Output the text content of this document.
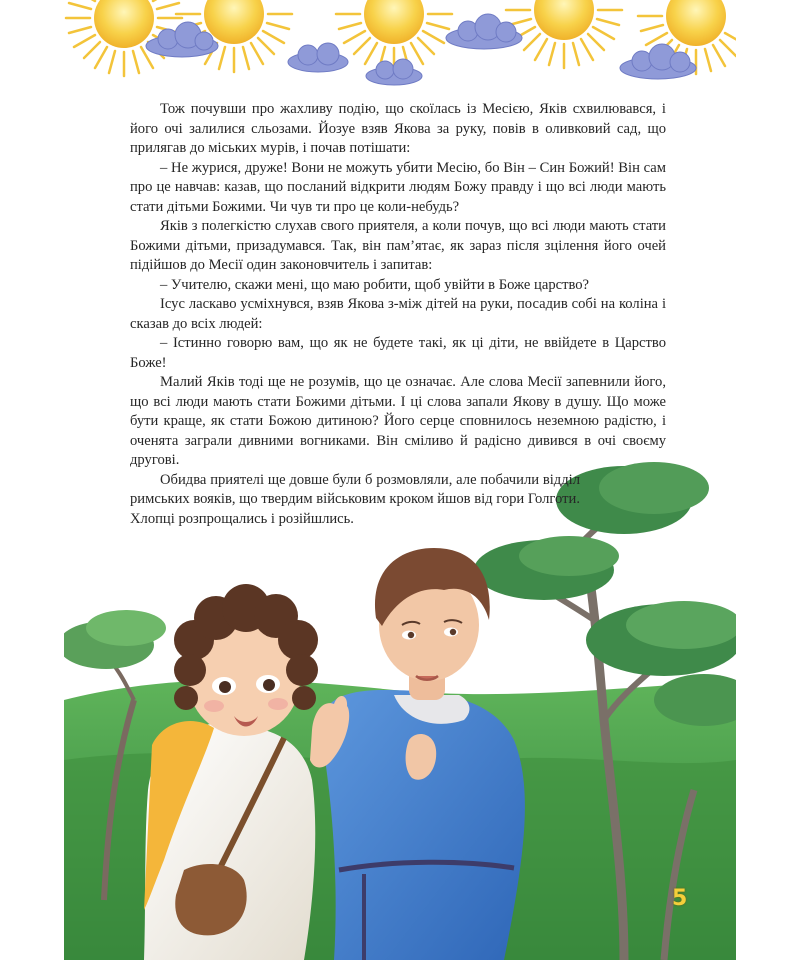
Тож почувши про жахливу подію, що скоїлась із Месією, Яків схвилювався, і його очі залилися сльозами. Йозуе взяв Якова за руку, повів в оливковий сад, що прилягав до міських мурів, і почав потішати:

– Не журися, друже! Вони не можуть убити Месію, бо Він – Син Божий! Він сам про це навчав: казав, що посланий відкрити людям Божу правду і що всі люди мають стати дітьми Божими. Чи чув ти про це коли-небудь?

Яків з полегкістю слухав свого приятеля, а коли почув, що всі люди мають стати Божими дітьми, призадумався. Так, він пам’ятає, як зараз після зцілення його очей підійшов до Месії один законовчитель і запитав:

– Учителю, скажи мені, що маю робити, щоб увійти в Боже царство?

Ісус ласкаво усміхнувся, взяв Якова з-між дітей на руки, посадив собі на коліна і сказав до всіх людей:

– Істинно говорю вам, що як не будете такі, як ці діти, не ввійдете в Царство Боже!

Малий Яків тоді ще не розумів, що це означає. Але слова Месії запевнили його, що всі люди мають стати Божими дітьми. І ці слова запали Якову в душу. Що може бути краще, як стати Божою дитиною? Його серце сповнилось неземною радістю, і оченята заграли дивними вогниками. Він сміливо й радісно дивився в очі своєму другові.

Обидва приятелі ще довше були б розмовляли, але побачили відділ римських вояків, що твердим військовим кроком йшов від гори Голготи. Хлопці розпрощались і розійшлись.

5
